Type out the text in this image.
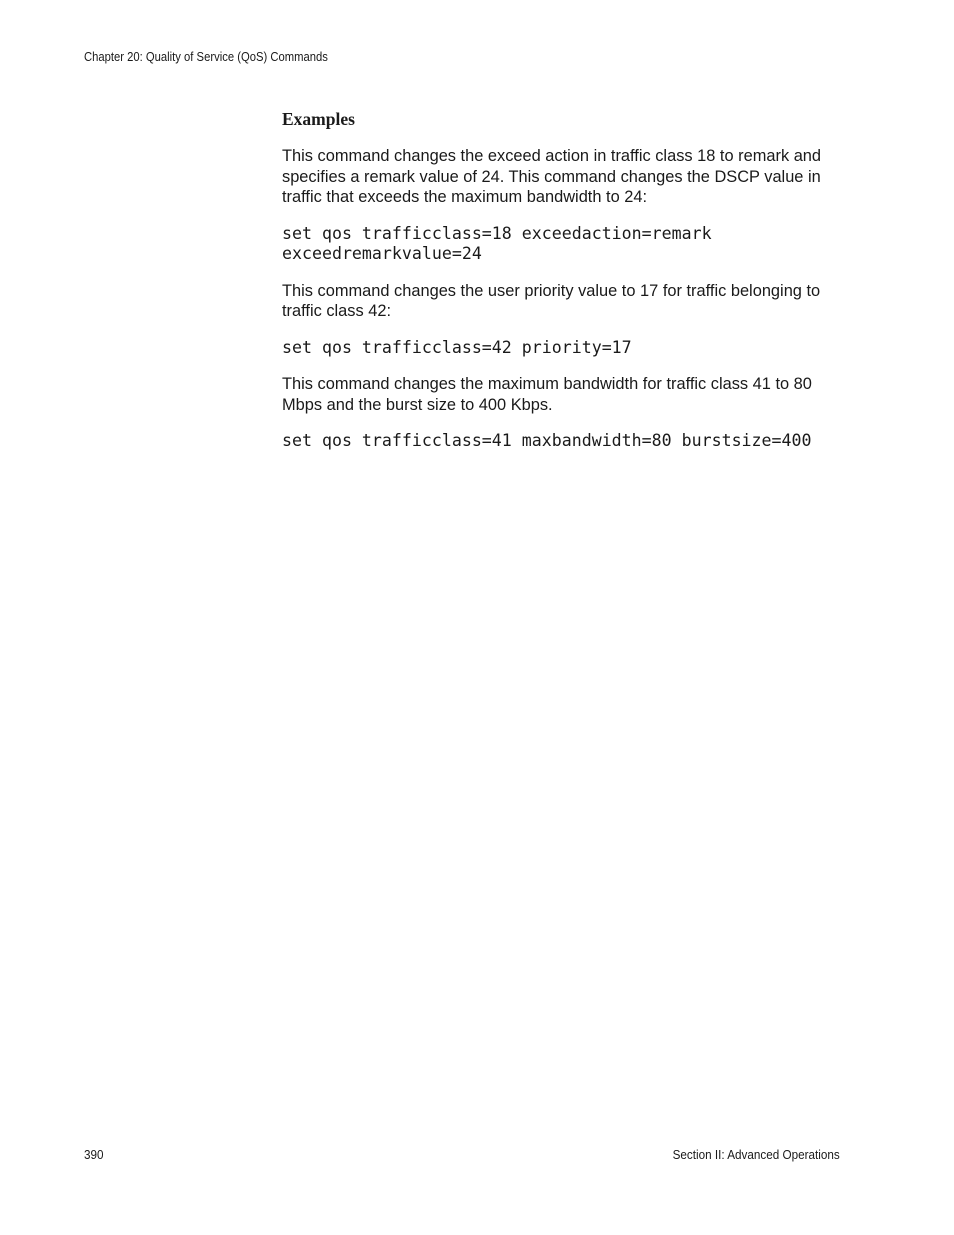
Chapter 20: Quality of Service (QoS) Commands
Examples

This command changes the exceed action in traffic class 18 to remark and specifies a remark value of 24. This command changes the DSCP value in traffic that exceeds the maximum bandwidth to 24:

set qos trafficclass=18 exceedaction=remark
exceedremarkvalue=24

This command changes the user priority value to 17 for traffic belonging to traffic class 42:

set qos trafficclass=42 priority=17

This command changes the maximum bandwidth for traffic class 41 to 80 Mbps and the burst size to 400 Kbps.

set qos trafficclass=41 maxbandwidth=80 burstsize=400
390	Section II: Advanced Operations
